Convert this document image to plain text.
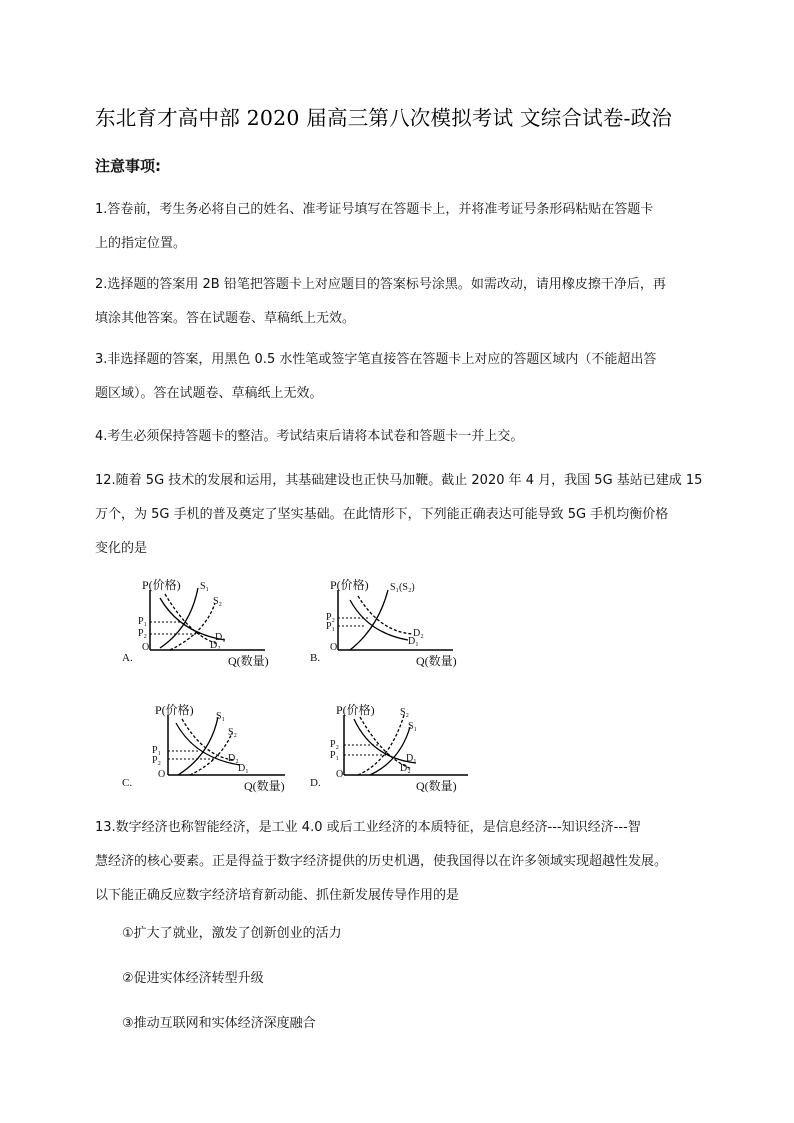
东北育才高中部 2020 届高三第八次模拟考试 文综合试卷-政治
注意事项:

1.答卷前，考生务必将自己的姓名、准考证号填写在答题卡上，并将准考证号条形码粘贴在答题卡

上的指定位置。

2.选择题的答案用 2B 铅笔把答题卡上对应题目的答案标号涂黑。如需改动，请用橡皮擦干净后，再

填涂其他答案。答在试题卷、草稿纸上无效。

3.非选择题的答案，用黑色 0.5 水性笔或签字笔直接答在答题卡上对应的答题区域内（不能超出答

题区域）。答在试题卷、草稿纸上无效。

4.考生必须保持答题卡的整洁。考试结束后请将本试卷和答题卡一并上交。

12.随着 5G 技术的发展和运用，其基础建设也正快马加鞭。截止 2020 年 4 月，我国 5G 基站已建成 15

万个，为 5G 手机的普及奠定了坚实基础。在此情形下，下列能正确表达可能导致 5G 手机均衡价格

变化的是

P(价格)
Q(数量)
O
S₁
S₂
D₁
D₂
P₁
P₂
A.
P(价格)
Q(数量)
O
S₁(S₂)
D₂
D₁
P₂
P₁
B.
P(价格)
Q(数量)
O
S₁
S₂
D₂
D₁
P₁
P₂
C.
P(价格)
Q(数量)
O
S₂
S₁
D₁
D₂
P₂
P₁
D.

13.数字经济也称智能经济，是工业 4.0 或后工业经济的本质特征，是信息经济---知识经济---智

慧经济的核心要素。正是得益于数字经济提供的历史机遇，使我国得以在许多领域实现超越性发展。

以下能正确反应数字经济培育新动能、抓住新发展传导作用的是

①扩大了就业，激发了创新创业的活力
②促进实体经济转型升级
③推动互联网和实体经济深度融合
